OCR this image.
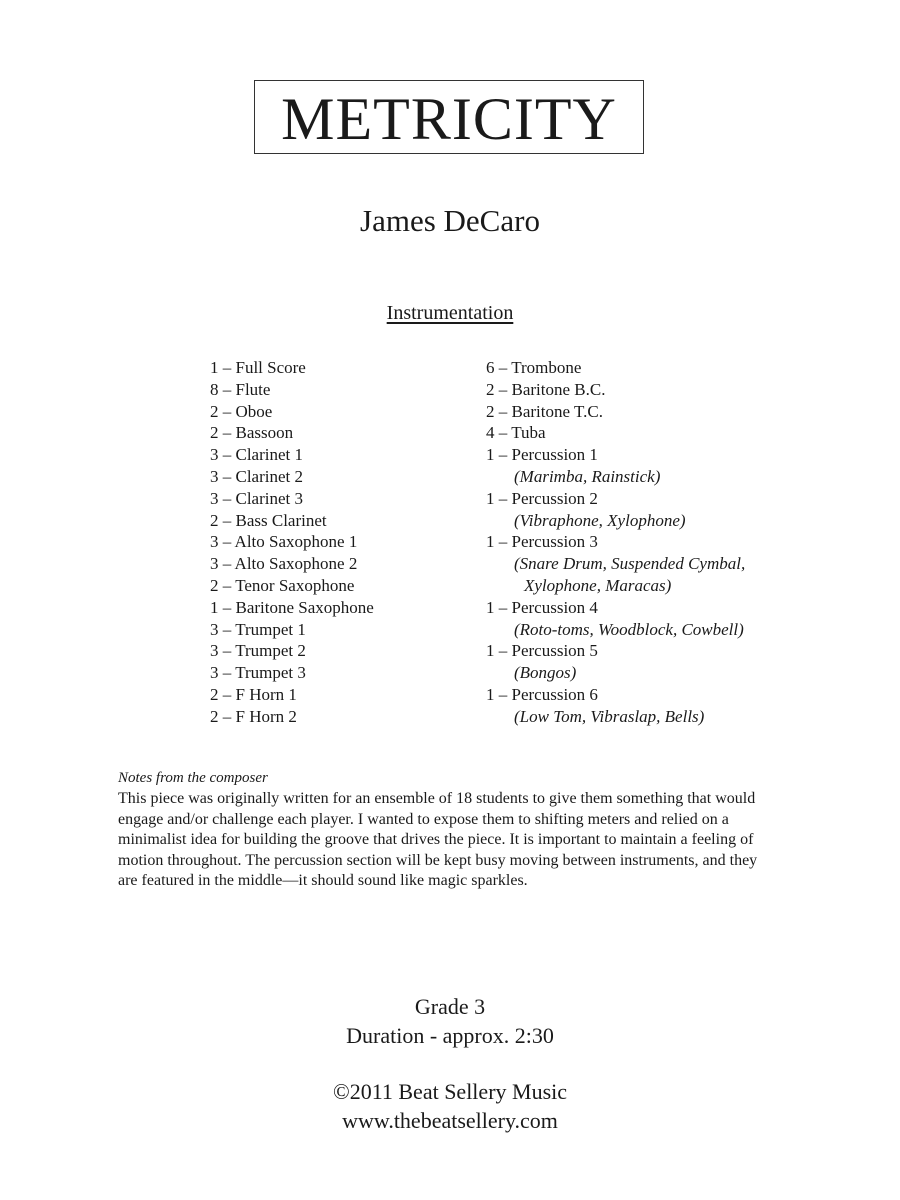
METRICITY
James DeCaro
Instrumentation
1 – Full Score
8 – Flute
2 – Oboe
2 – Bassoon
3 – Clarinet 1
3 – Clarinet 2
3 – Clarinet 3
2 – Bass Clarinet
3 – Alto Saxophone 1
3 – Alto Saxophone 2
2 – Tenor Saxophone
1 – Baritone Saxophone
3 – Trumpet 1
3 – Trumpet 2
3 – Trumpet 3
2 – F Horn 1
2 – F Horn 2
6 – Trombone
2 – Baritone B.C.
2 – Baritone T.C.
4 – Tuba
1 – Percussion 1
(Marimba, Rainstick)
1 – Percussion 2
(Vibraphone, Xylophone)
1 – Percussion 3
(Snare Drum, Suspended Cymbal,
Xylophone, Maracas)
1 – Percussion 4
(Roto-toms, Woodblock, Cowbell)
1 – Percussion 5
(Bongos)
1 – Percussion 6
(Low Tom, Vibraslap, Bells)
Notes from the composer

This piece was originally written for an ensemble of 18 students to give them something that would engage and/or challenge each player. I wanted to expose them to shifting meters and relied on a minimalist idea for building the groove that drives the piece. It is important to maintain a feeling of motion throughout. The percussion section will be kept busy moving between instruments, and they are featured in the middle—it should sound like magic sparkles.

Grade 3
Duration - approx. 2:30
©2011 Beat Sellery Music
www.thebeatsellery.com
